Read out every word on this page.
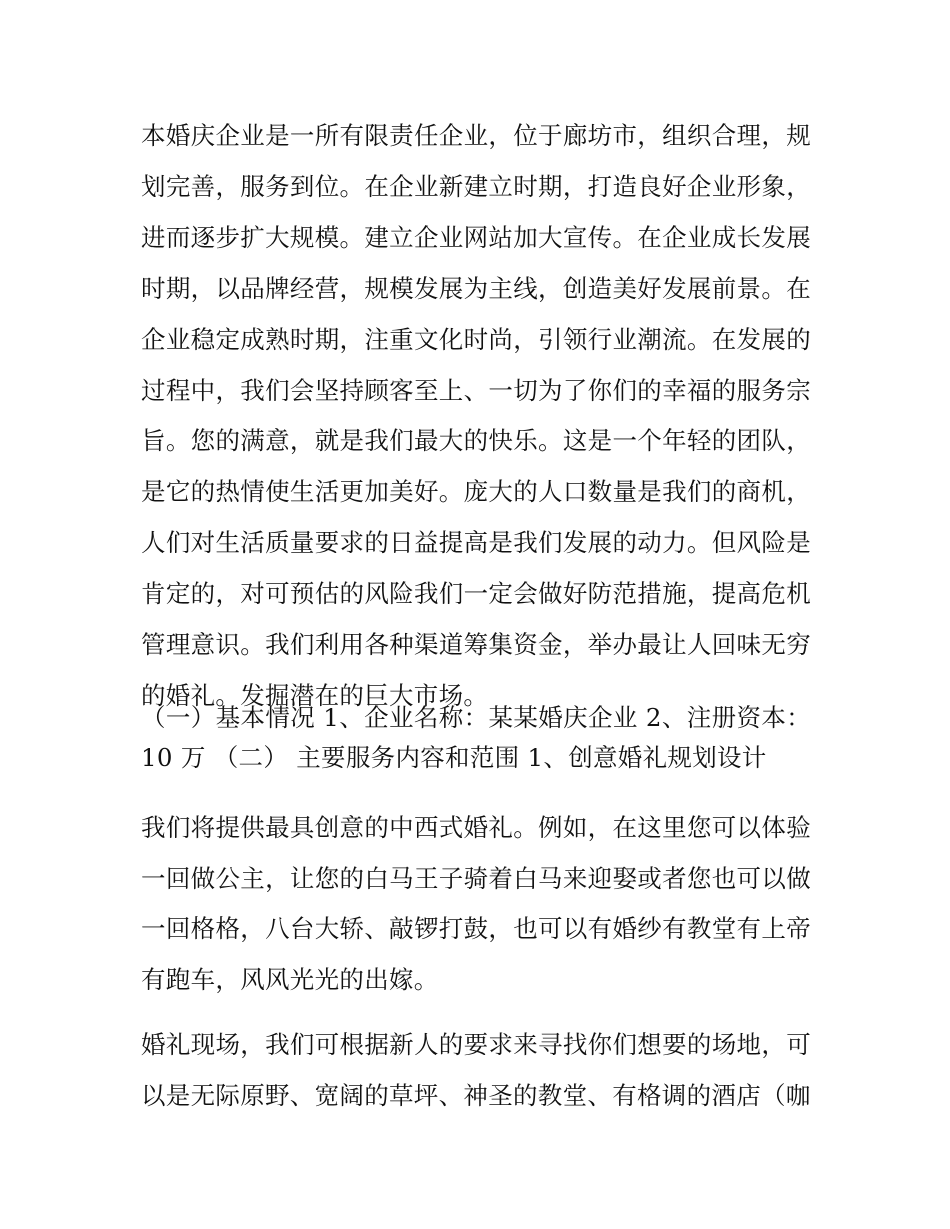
本婚庆企业是一所有限责任企业，位于廊坊市，组织合理，规划完善，服务到位。在企业新建立时期，打造良好企业形象，进而逐步扩大规模。建立企业网站加大宣传。在企业成长发展时期，以品牌经营，规模发展为主线，创造美好发展前景。在企业稳定成熟时期，注重文化时尚，引领行业潮流。在发展的过程中，我们会坚持顾客至上、一切为了你们的幸福的服务宗旨。您的满意，就是我们最大的快乐。这是一个年轻的团队，是它的热情使生活更加美好。庞大的人口数量是我们的商机，人们对生活质量要求的日益提高是我们发展的动力。但风险是肯定的，对可预估的风险我们一定会做好防范措施，提高危机管理意识。我们利用各种渠道筹集资金，举办最让人回味无穷的婚礼。发掘潜在的巨大市场。
（一）基本情况 1、企业名称：某某婚庆企业 2、注册资本：10 万 （二） 主要服务内容和范围 1、创意婚礼规划设计
我们将提供最具创意的中西式婚礼。例如，在这里您可以体验一回做公主，让您的白马王子骑着白马来迎娶或者您也可以做一回格格，八台大轿、敲锣打鼓，也可以有婚纱有教堂有上帝有跑车，风风光光的出嫁。
婚礼现场，我们可根据新人的要求来寻找你们想要的场地，可以是无际原野、宽阔的草坪、神圣的教堂、有格调的酒店（咖
